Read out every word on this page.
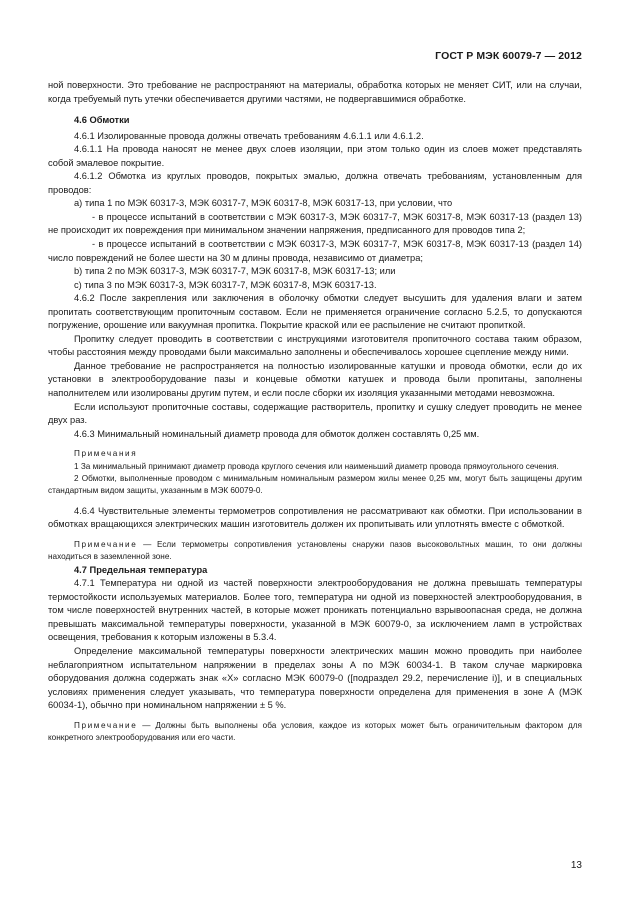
ГОСТ Р МЭК 60079-7 — 2012

ной поверхности. Это требование не распространяют на материалы, обработка которых не меняет СИТ, или на случаи, когда требуемый путь утечки обеспечивается другими частями, не подвергавшимися обработке.

4.6 Обмотки

4.6.1 Изолированные провода должны отвечать требованиям 4.6.1.1 или 4.6.1.2.

4.6.1.1 На провода наносят не менее двух слоев изоляции, при этом только один из слоев может представлять собой эмалевое покрытие.

4.6.1.2 Обмотка из круглых проводов, покрытых эмалью, должна отвечать требованиям, установленным для проводов:

а) типа 1 по МЭК 60317-3, МЭК 60317-7, МЭК 60317-8, МЭК 60317-13, при условии, что

- в процессе испытаний в соответствии с МЭК 60317-3, МЭК 60317-7, МЭК 60317-8, МЭК 60317-13 (раздел 13) не происходит их повреждения при минимальном значении напряжения, предписанного для проводов типа 2;

- в процессе испытаний в соответствии с МЭК 60317-3, МЭК 60317-7, МЭК 60317-8, МЭК 60317-13 (раздел 14) число повреждений не более шести на 30 м длины провода, независимо от диаметра;

b) типа 2 по МЭК 60317-3, МЭК 60317-7, МЭК 60317-8, МЭК 60317-13; или

c) типа 3 по МЭК 60317-3, МЭК 60317-7, МЭК 60317-8, МЭК 60317-13.

4.6.2 После закрепления или заключения в оболочку обмотки следует высушить для удаления влаги и затем пропитать соответствующим пропиточным составом. Если не применяется ограничение согласно 5.2.5, то допускаются погружение, орошение или вакуумная пропитка. Покрытие краской или ее распыление не считают пропиткой.

Пропитку следует проводить в соответствии с инструкциями изготовителя пропиточного состава таким образом, чтобы расстояния между проводами были максимально заполнены и обеспечивалось хорошее сцепление между ними.

Данное требование не распространяется на полностью изолированные катушки и провода обмотки, если до их установки в электрооборудование пазы и концевые обмотки катушек и провода были пропитаны, заполнены наполнителем или изолированы другим путем, и если после сборки их изоляция указанными методами невозможна.

Если используют пропиточные составы, содержащие растворитель, пропитку и сушку следует проводить не менее двух раз.

4.6.3 Минимальный номинальный диаметр провода для обмоток должен составлять 0,25 мм.

Примечания

1 За минимальный принимают диаметр провода круглого сечения или наименьший диаметр провода прямоугольного сечения.

2 Обмотки, выполненные проводом с минимальным номинальным размером жилы менее 0,25 мм, могут быть защищены другим стандартным видом защиты, указанным в МЭК 60079-0.

4.6.4 Чувствительные элементы термометров сопротивления не рассматривают как обмотки. При использовании в обмотках вращающихся электрических машин изготовитель должен их пропитывать или уплотнять вместе с обмоткой.

Примечание — Если термометры сопротивления установлены снаружи пазов высоковольтных машин, то они должны находиться в заземленной зоне.

4.7 Предельная температура

4.7.1 Температура ни одной из частей поверхности электрооборудования не должна превышать температуры термостойкости используемых материалов. Более того, температура ни одной из поверхностей электрооборудования, в том числе поверхностей внутренних частей, в которые может проникать потенциально взрывоопасная среда, не должна превышать максимальной температуры поверхности, указанной в МЭК 60079-0, за исключением ламп в устройствах освещения, требования к которым изложены в 5.3.4.

Определение максимальной температуры поверхности электрических машин можно проводить при наиболее неблагоприятном испытательном напряжении в пределах зоны А по МЭК 60034-1. В таком случае маркировка оборудования должна содержать знак «Х» согласно МЭК 60079-0 ([подраздел 29.2, перечисление i)], и в специальных условиях применения следует указывать, что температура поверхности определена для применения в зоне А (МЭК 60034-1), обычно при номинальном напряжении ± 5 %.

Примечание — Должны быть выполнены оба условия, каждое из которых может быть ограничительным фактором для конкретного электрооборудования или его части.

13
